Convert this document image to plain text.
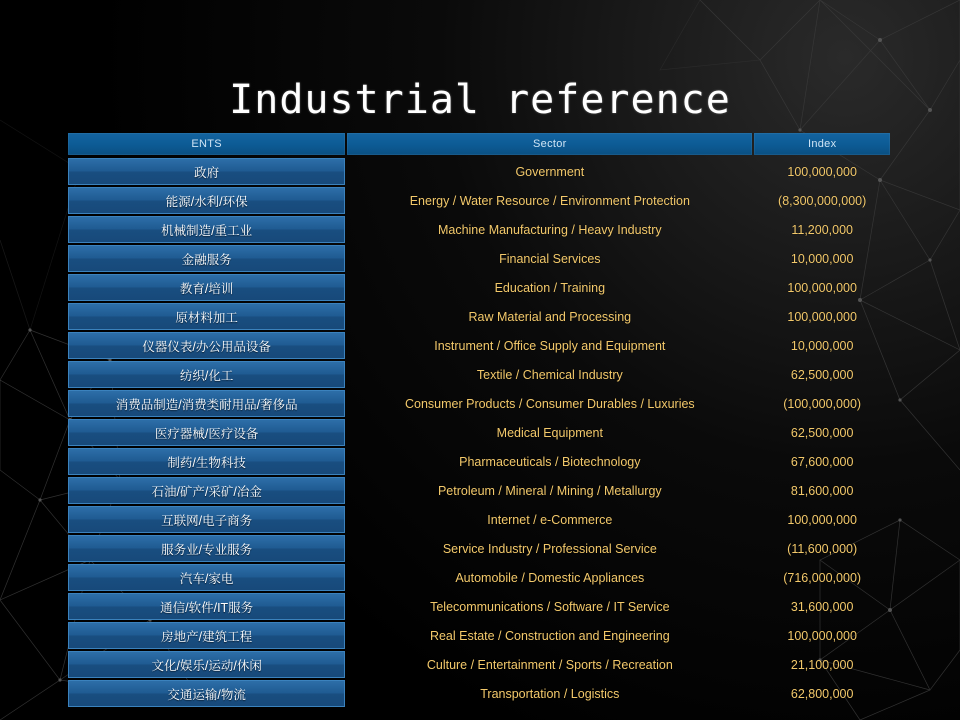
Industrial reference
ENTS	Sector	Index
政府	Government	100,000,000
能源/水利/环保	Energy / Water Resource / Environment Protection	(8,300,000,000)
机械制造/重工业	Machine Manufacturing / Heavy Industry	11,200,000
金融服务	Financial Services	10,000,000
教育/培训	Education / Training	100,000,000
原材料加工	Raw Material and Processing	100,000,000
仪器仪表/办公用品设备	Instrument / Office Supply and Equipment	10,000,000
纺织/化工	Textile / Chemical Industry	62,500,000
消费品制造/消费类耐用品/奢侈品	Consumer Products / Consumer Durables / Luxuries	(100,000,000)
医疗器械/医疗设备	Medical Equipment	62,500,000
制药/生物科技	Pharmaceuticals / Biotechnology	67,600,000
石油/矿产/采矿/冶金	Petroleum / Mineral / Mining / Metallurgy	81,600,000
互联网/电子商务	Internet / e-Commerce	100,000,000
服务业/专业服务	Service Industry / Professional Service	(11,600,000)
汽车/家电	Automobile / Domestic Appliances	(716,000,000)
通信/软件/IT服务	Telecommunications / Software / IT Service	31,600,000
房地产/建筑工程	Real Estate / Construction and Engineering	100,000,000
文化/娱乐/运动/休闲	Culture / Entertainment / Sports / Recreation	21,100,000
交通运输/物流	Transportation / Logistics	62,800,000
